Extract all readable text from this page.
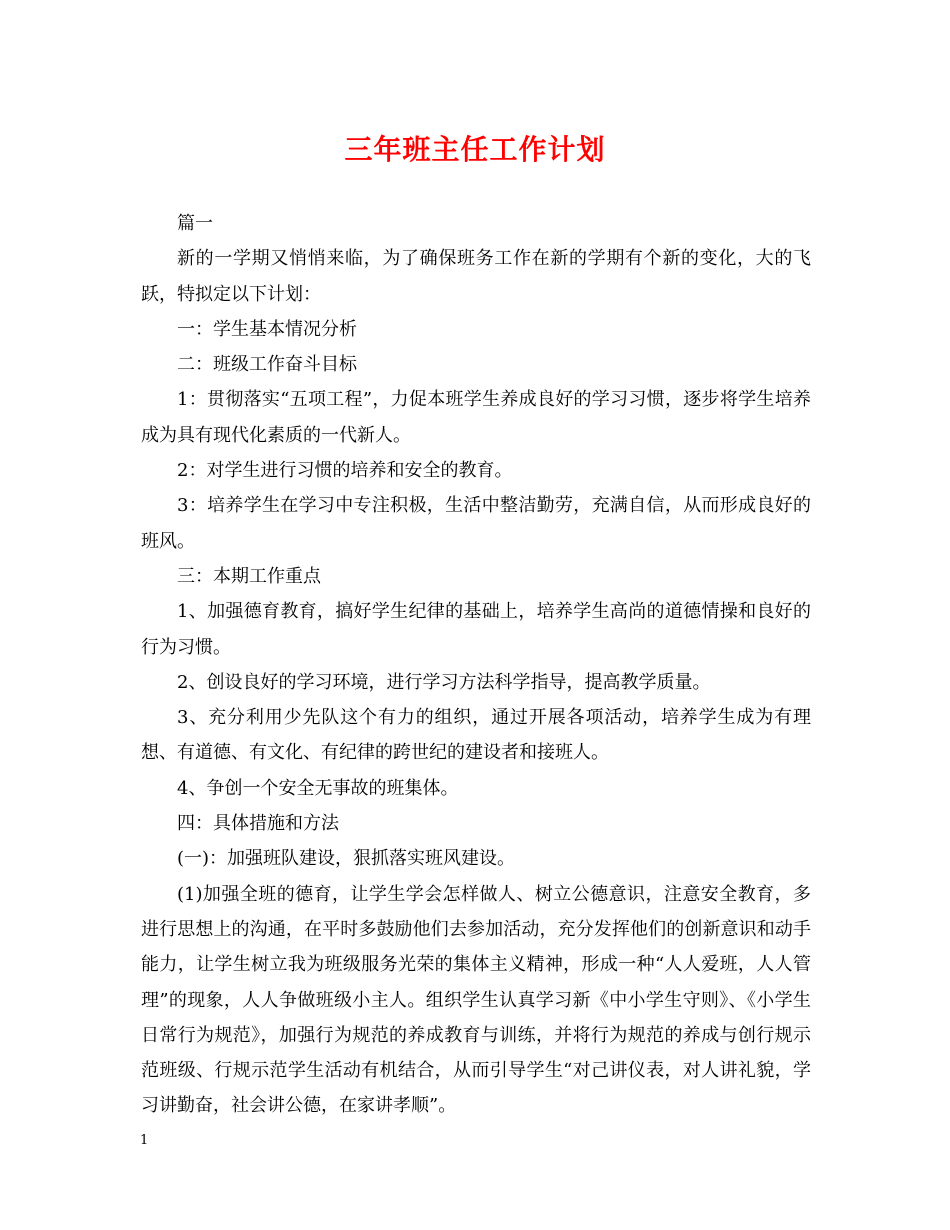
三年班主任工作计划

篇一

新的一学期又悄悄来临，为了确保班务工作在新的学期有个新的变化，大的飞跃，特拟定以下计划：

一：学生基本情况分析

二：班级工作奋斗目标

1：贯彻落实“五项工程”，力促本班学生养成良好的学习习惯，逐步将学生培养成为具有现代化素质的一代新人。

2：对学生进行习惯的培养和安全的教育。

3：培养学生在学习中专注积极，生活中整洁勤劳，充满自信，从而形成良好的班风。

三：本期工作重点

1、加强德育教育，搞好学生纪律的基础上，培养学生高尚的道德情操和良好的行为习惯。

2、创设良好的学习环境，进行学习方法科学指导，提高教学质量。

3、充分利用少先队这个有力的组织，通过开展各项活动，培养学生成为有理想、有道德、有文化、有纪律的跨世纪的建设者和接班人。

4、争创一个安全无事故的班集体。

四：具体措施和方法

(一)：加强班队建设，狠抓落实班风建设。

(1)加强全班的德育，让学生学会怎样做人、树立公德意识，注意安全教育，多进行思想上的沟通，在平时多鼓励他们去参加活动，充分发挥他们的创新意识和动手能力，让学生树立我为班级服务光荣的集体主义精神，形成一种“人人爱班，人人管理”的现象，人人争做班级小主人。组织学生认真学习新《中小学生守则》、《小学生日常行为规范》，加强行为规范的养成教育与训练，并将行为规范的养成与创行规示范班级、行规示范学生活动有机结合，从而引导学生“对己讲仪表，对人讲礼貌，学习讲勤奋，社会讲公德，在家讲孝顺”。

1
